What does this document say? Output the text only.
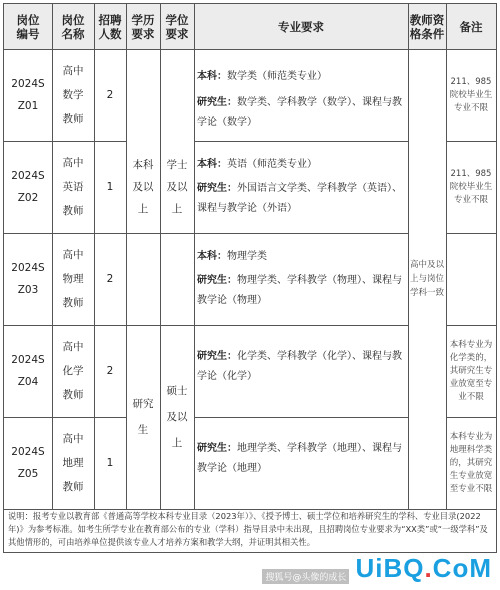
岗位编号
岗位名称
招聘人数
学历要求
学位要求	专业要求	教师资格条件 备注
2024SZ01
高中数学教师
2
本科：数学类（师范类专业）
研究生：数学类、学科教学（数学）、课程与教学论（数学）
211、985院校毕业生专业不限
2024SZ02
高中英语教师
1
本科：英语（师范类专业）
研究生：外国语言文学类、学科教学（英语）、课程与教学论（外语）
211、985院校毕业生专业不限
2024SZ03
高中物理教师
2
本科：物理学类
研究生：物理学类、学科教学（物理）、课程与教学论（物理）
2024SZ04
高中化学教师
2
研究生：化学类、学科教学（化学）、课程与教学论（化学）
本科专业为化学类的，其研究生专业放宽至专业不限
2024SZ05
高中地理教师
1
研究生：地理学类、学科教学（地理）、课程与教学论（地理）
本科专业为地理科学类的，其研究生专业放宽至专业不限
本科及以上
学士及以上
研究生
硕士及以上
高中及以上与岗位学科一致
说明：报考专业以教育部《普通高等学校本科专业目录（2023年）》、《授予博士、硕士学位和培养研究生的学科、专业目录(2022年)》为参考标准。如考生所学专业在教育部公布的专业（学科）指导目录中未出现，且招聘岗位专业要求为“XX类”或“一级学科”及其他情形的，可由培养单位提供该专业人才培养方案和教学大纲，并证明其相关性。
搜狐号@头像的成长 UiBQ.CoM
